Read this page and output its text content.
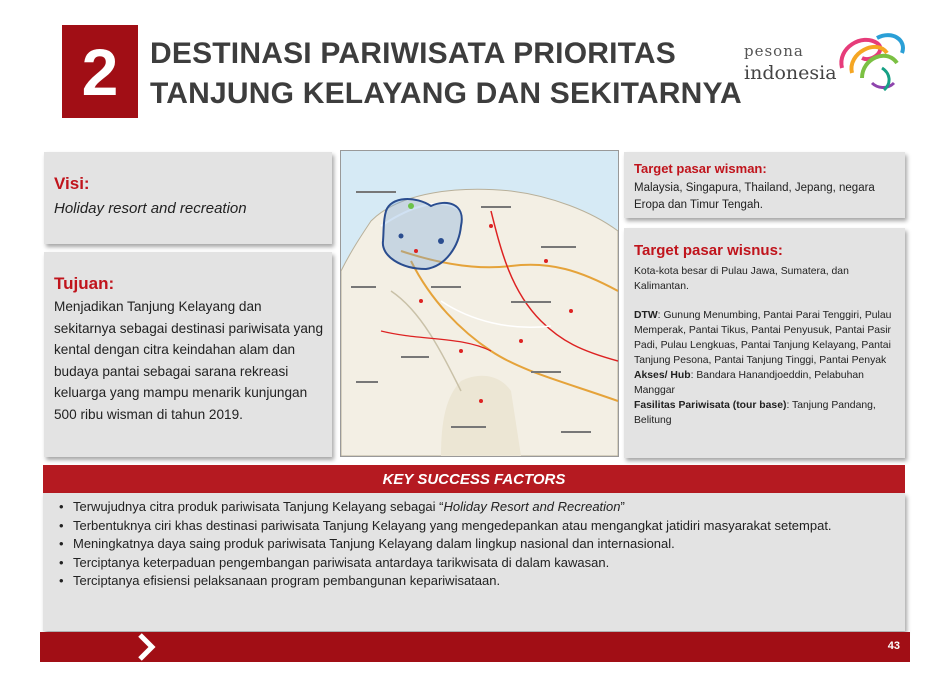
2	DESTINASI PARIWISATA PRIORITAS
TANJUNG KELAYANG DAN SEKITARNYA
pesona
indonesia
Visi:
Holiday resort and recreation
Tujuan:
Menjadikan Tanjung Kelayang dan sekitarnya sebagai destinasi pariwisata yang kental dengan citra keindahan alam dan budaya pantai sebagai sarana rekreasi keluarga yang mampu menarik kunjungan 500 ribu wisman di tahun 2019.
Target pasar wisman:
Malaysia, Singapura, Thailand, Jepang, negara Eropa dan Timur Tengah.
Target pasar wisnus:
Kota-kota besar di Pulau Jawa, Sumatera, dan Kalimantan.
DTW: Gunung Menumbing, Pantai Parai Tenggiri, Pulau Memperak, Pantai Tikus, Pantai Penyusuk, Pantai Pasir Padi, Pulau Lengkuas, Pantai Tanjung Kelayang, Pantai Tanjung Pesona, Pantai Tanjung Tinggi, Pantai Penyak
Akses/ Hub: Bandara Hanandjoeddin, Pelabuhan Manggar
Fasilitas Pariwisata (tour base): Tanjung Pandang, Belitung
KEY SUCCESS FACTORS
• Terwujudnya citra produk pariwisata Tanjung Kelayang sebagai “Holiday Resort and Recreation”
• Terbentuknya ciri khas destinasi pariwisata Tanjung Kelayang yang mengedepankan atau mengangkat jatidiri masyarakat setempat.
• Meningkatnya daya saing produk pariwisata Tanjung Kelayang dalam lingkup nasional dan internasional.
• Terciptanya keterpaduan pengembangan pariwisata antardaya tarikwisata di dalam kawasan.
• Terciptanya efisiensi pelaksanaan program pembangunan kepariwisataan.
43
